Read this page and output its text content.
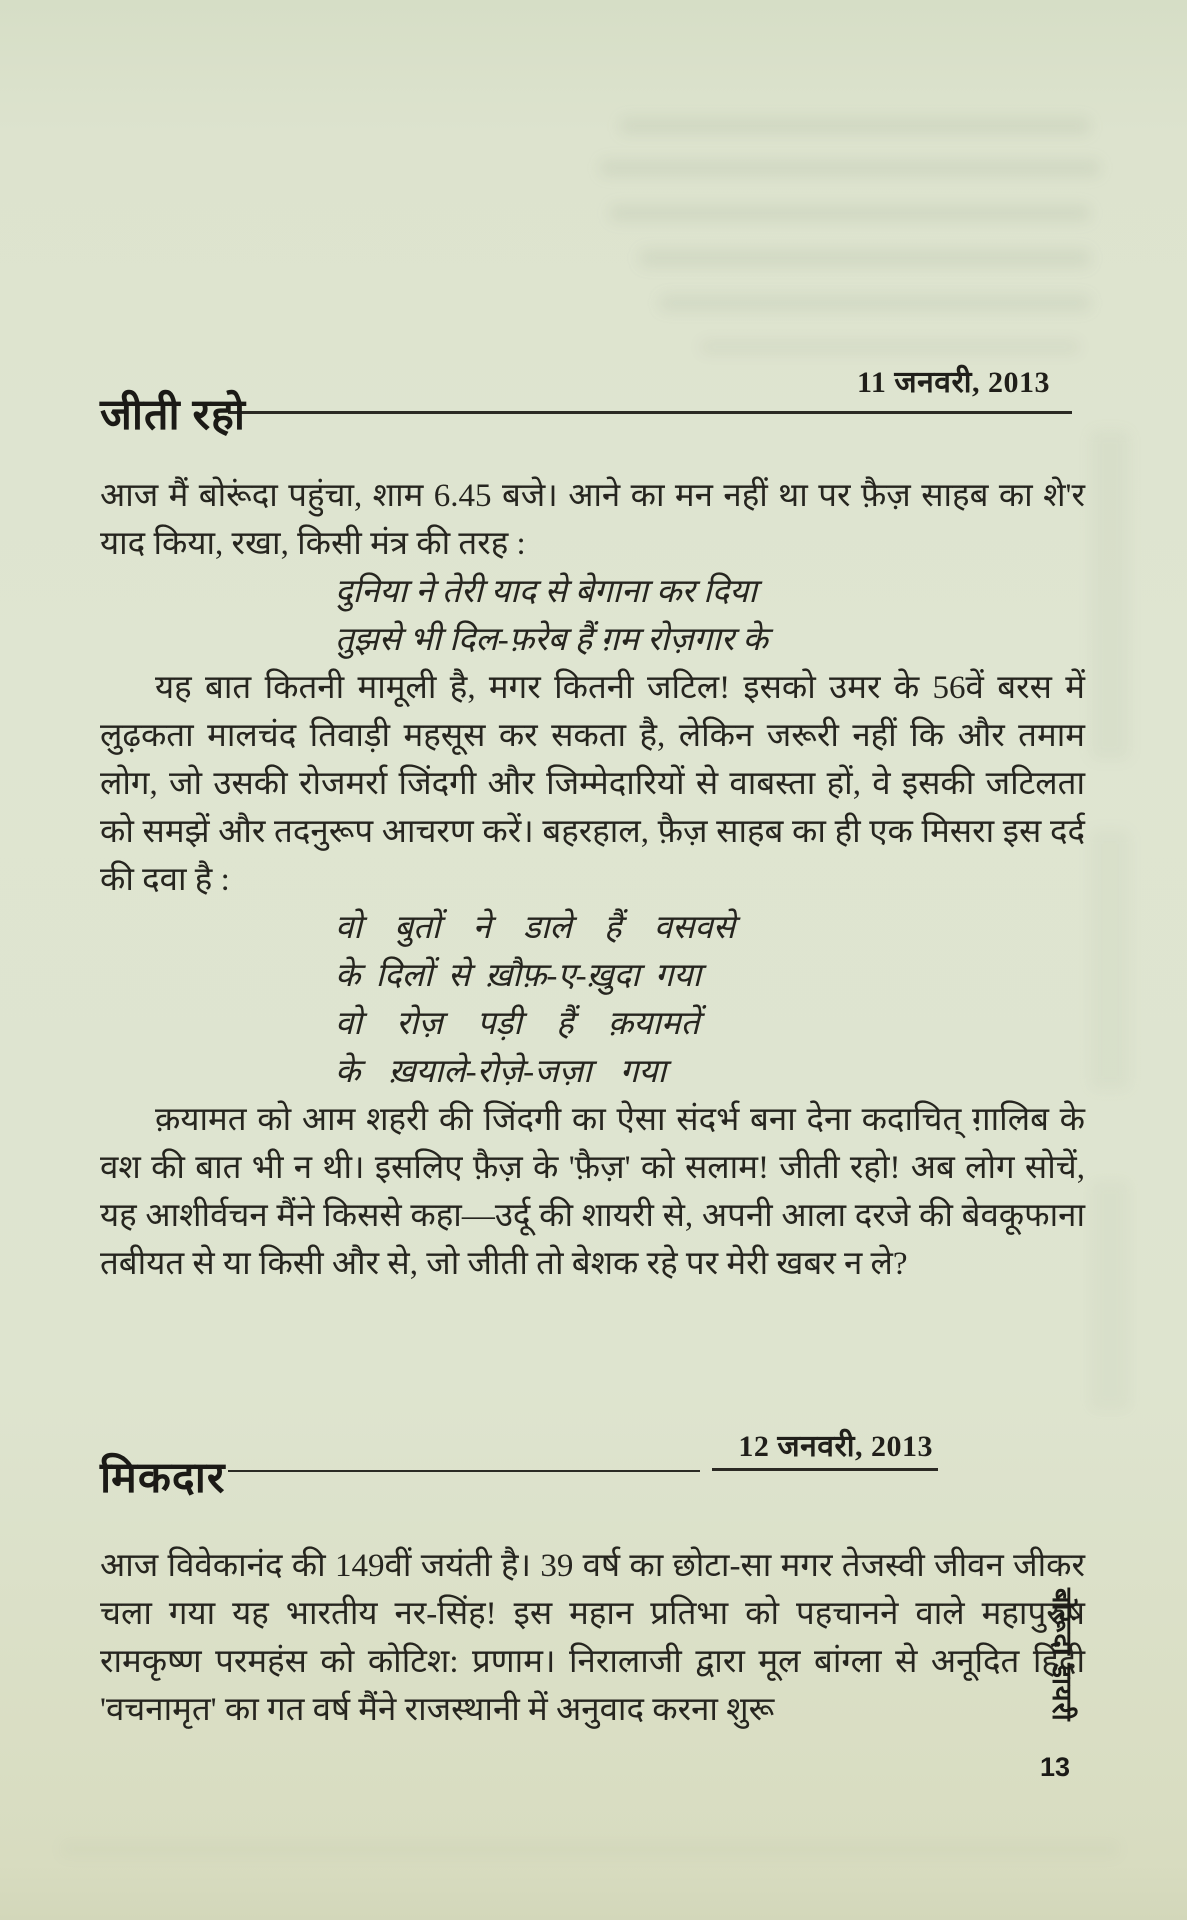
11 जनवरी, 2013
जीती रहो

आज मैं बोरूंदा पहुंचा, शाम 6.45 बजे। आने का मन नहीं था पर फ़ैज़ साहब का शे'र याद किया, रखा, किसी मंत्र की तरह :

दुनिया ने तेरी याद से बेगाना कर दिया
तुझसे भी दिल-फ़रेब हैं ग़म रोज़गार के

यह बात कितनी मामूली है, मगर कितनी जटिल! इसको उमर के 56वें बरस में लुढ़कता मालचंद तिवाड़ी महसूस कर सकता है, लेकिन जरूरी नहीं कि और तमाम लोग, जो उसकी रोजमर्रा जिंदगी और जिम्मेदारियों से वाबस्ता हों, वे इसकी जटिलता को समझें और तदनुरूप आचरण करें। बहरहाल, फ़ैज़ साहब का ही एक मिसरा इस दर्द की दवा है :

वो बुतों ने डाले हैं वसवसे
के दिलों से ख़ौफ़-ए-ख़ुदा गया
वो रोज़ पड़ी हैं क़यामतें
के ख़याले-रोज़े-जज़ा गया

क़यामत को आम शहरी की जिंदगी का ऐसा संदर्भ बना देना कदाचित् ग़ालिब के वश की बात भी न थी। इसलिए फ़ैज़ के 'फ़ैज़' को सलाम! जीती रहो! अब लोग सोचें, यह आशीर्वचन मैंने किससे कहा—उर्दू की शायरी से, अपनी आला दरजे की बेवकूफाना तबीयत से या किसी और से, जो जीती तो बेशक रहे पर मेरी खबर न ले?

12 जनवरी, 2013
मिकदार

आज विवेकानंद की 149वीं जयंती है। 39 वर्ष का छोटा-सा मगर तेजस्वी जीवन जीकर चला गया यह भारतीय नर-सिंह! इस महान प्रतिभा को पहचानने वाले महापुरुष रामकृष्ण परमहंस को कोटिश: प्रणाम। निरालाजी द्वारा मूल बांग्ला से अनूदित हिंदी 'वचनामृत' का गत वर्ष मैंने राजस्थानी में अनुवाद करना शुरू	बोरूंदा डायरी
13
